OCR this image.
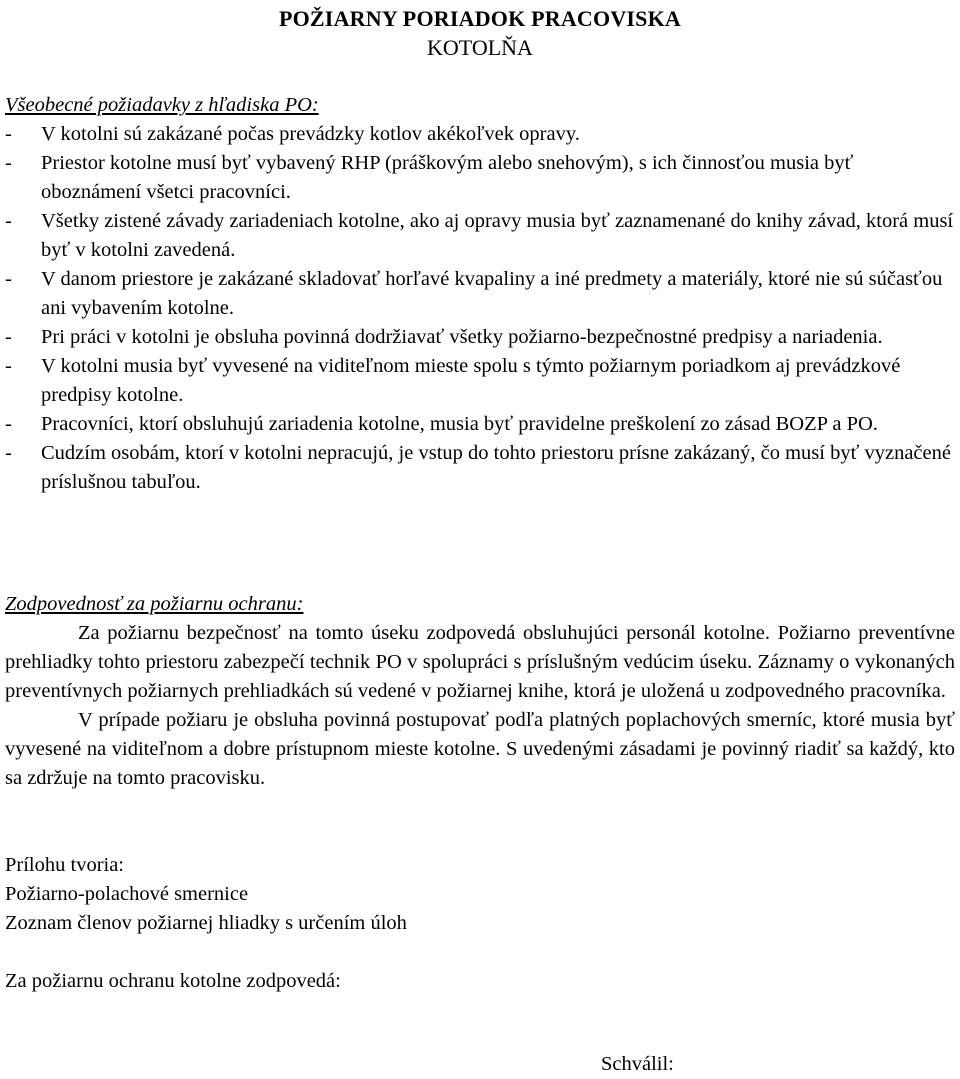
POŽIARNY PORIADOK PRACOVISKA
KOTOLŇA
Všeobecné požiadavky z hľadiska PO:
- V kotolni sú zakázané počas prevádzky kotlov akékoľvek opravy.
- Priestor kotolne musí byť vybavený RHP (práškovým alebo snehovým), s ich činnosťou musia byť oboznámení všetci pracovníci.
- Všetky zistené závady zariadeniach kotolne, ako aj opravy musia byť zaznamenané do knihy závad, ktorá musí byť v kotolni zavedená.
- V danom priestore je zakázané skladovať horľavé kvapaliny a iné predmety a materiály, ktoré nie sú súčasťou ani vybavením kotolne.
- Pri práci v kotolni je obsluha povinná dodržiavať všetky požiarno-bezpečnostné predpisy a nariadenia.
- V kotolni musia byť vyvesené na viditeľnom mieste spolu s týmto požiarnym poriadkom aj prevádzkové predpisy kotolne.
- Pracovníci, ktorí obsluhujú zariadenia kotolne, musia byť pravidelne preškolení zo zásad BOZP a PO.
- Cudzím osobám, ktorí v kotolni nepracujú, je vstup do tohto priestoru prísne zakázaný, čo musí byť vyznačené príslušnou tabuľou.
Zodpovednosť za požiarnu ochranu:

Za požiarnu bezpečnosť na tomto úseku zodpovedá obsluhujúci personál kotolne. Požiarno preventívne prehliadky tohto priestoru zabezpečí technik PO v spolupráci s príslušným vedúcim úseku. Záznamy o vykonaných preventívnych požiarnych prehliadkách sú vedené v požiarnej knihe, ktorá je uložená u zodpovedného pracovníka.

V prípade požiaru je obsluha povinná postupovať podľa platných poplachových smerníc, ktoré musia byť vyvesené na viditeľnom a dobre prístupnom mieste kotolne. S uvedenými zásadami je povinný riadiť sa každý, kto sa zdržuje na tomto pracovisku.

Prílohu tvoria:
Požiarno-polachové smernice
Zoznam členov požiarnej hliadky s určením úloh
Za požiarnu ochranu kotolne zodpovedá:
Schválil:
